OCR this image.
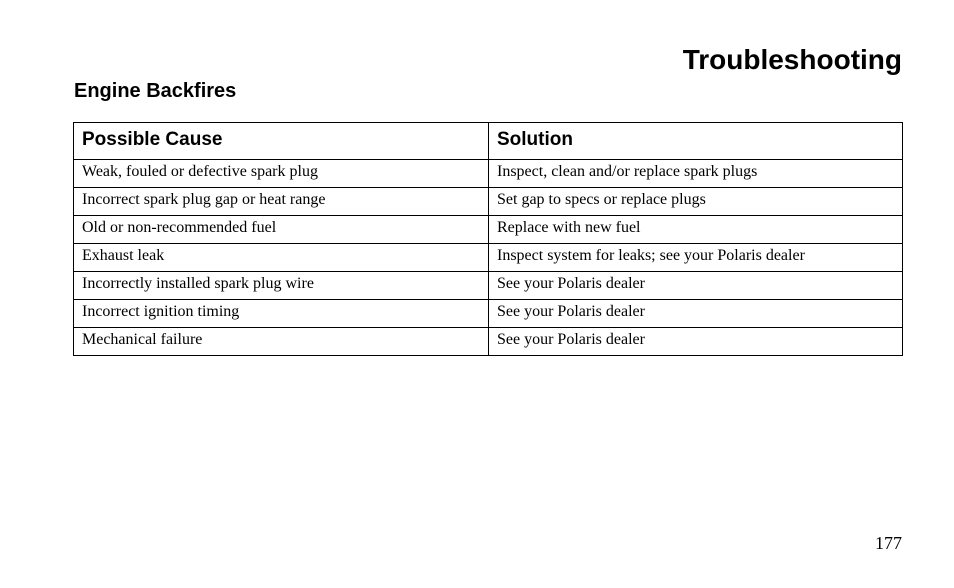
Troubleshooting
Engine Backfires
Possible Cause	Solution
Weak, fouled or defective spark plug	Inspect, clean and/or replace spark plugs
Incorrect spark plug gap or heat range	Set gap to specs or replace plugs
Old or non-recommended fuel	Replace with new fuel
Exhaust leak	Inspect system for leaks; see your Polaris dealer
Incorrectly installed spark plug wire	See your Polaris dealer
Incorrect ignition timing	See your Polaris dealer
Mechanical failure	See your Polaris dealer

177
